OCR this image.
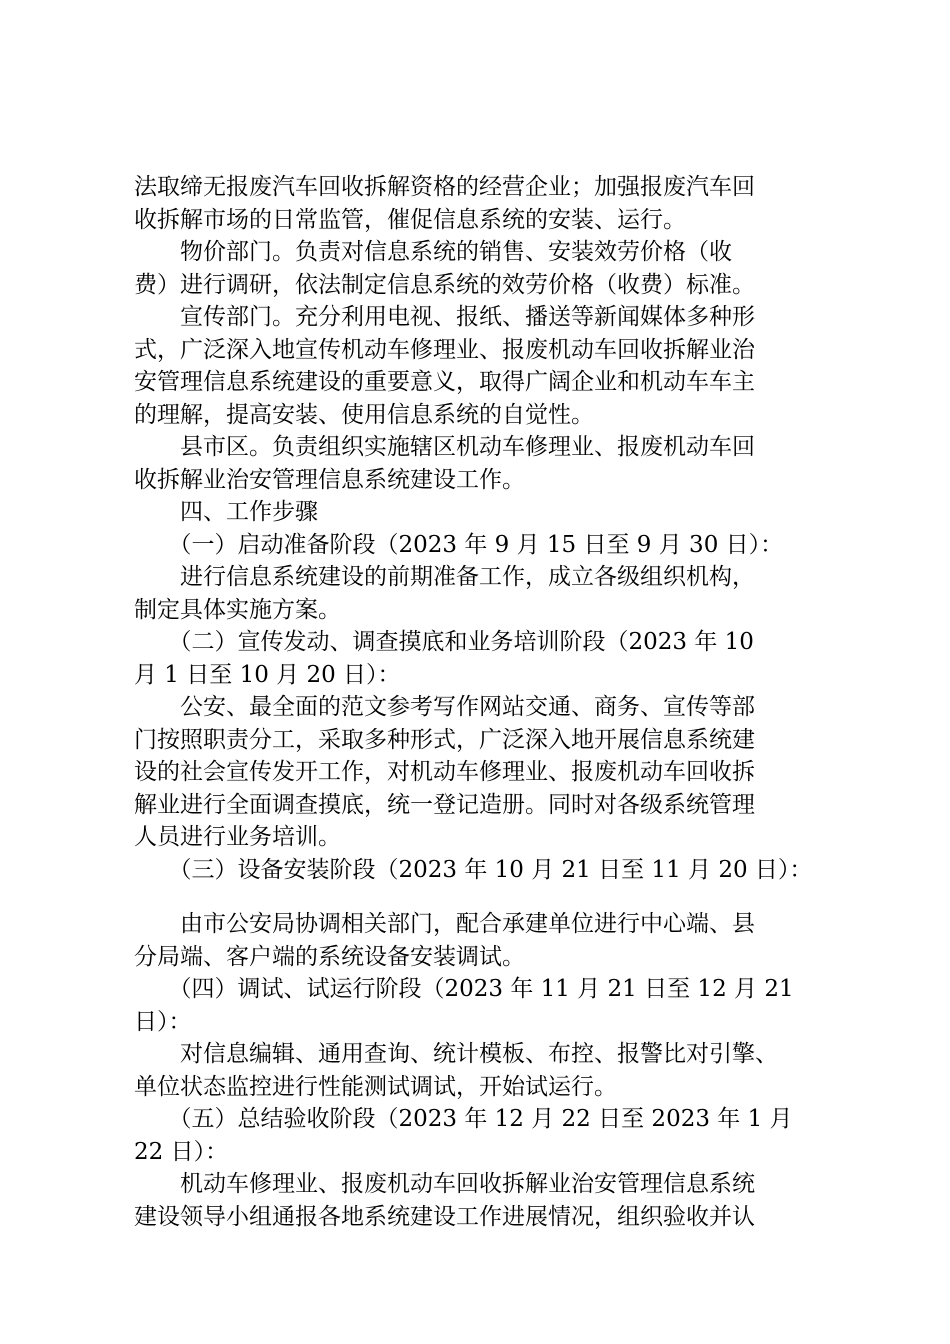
法取缔无报废汽车回收拆解资格的经营企业；加强报废汽车回
收拆解市场的日常监管，催促信息系统的安装、运行。
　　物价部门。负责对信息系统的销售、安装效劳价格（收
费）进行调研，依法制定信息系统的效劳价格（收费）标准。
　　宣传部门。充分利用电视、报纸、播送等新闻媒体多种形
式，广泛深入地宣传机动车修理业、报废机动车回收拆解业治
安管理信息系统建设的重要意义，取得广阔企业和机动车车主
的理解，提高安装、使用信息系统的自觉性。
　　县市区。负责组织实施辖区机动车修理业、报废机动车回
收拆解业治安管理信息系统建设工作。
　　四、工作步骤
　　（一）启动准备阶段（2023 年 9 月 15 日至 9 月 30 日）：
　　进行信息系统建设的前期准备工作，成立各级组织机构，
制定具体实施方案。
　　（二）宣传发动、调查摸底和业务培训阶段（2023 年 10
月 1 日至 10 月 20 日）：
　　公安、最全面的范文参考写作网站交通、商务、宣传等部
门按照职责分工，采取多种形式，广泛深入地开展信息系统建
设的社会宣传发开工作，对机动车修理业、报废机动车回收拆
解业进行全面调查摸底，统一登记造册。同时对各级系统管理
人员进行业务培训。
　　（三）设备安装阶段（2023 年 10 月 21 日至 11 月 20 日）：
　　由市公安局协调相关部门，配合承建单位进行中心端、县
分局端、客户端的系统设备安装调试。
　　（四）调试、试运行阶段（2023 年 11 月 21 日至 12 月 21
日）：
　　对信息编辑、通用查询、统计模板、布控、报警比对引擎、
单位状态监控进行性能测试调试，开始试运行。
　　（五）总结验收阶段（2023 年 12 月 22 日至 2023 年 1 月
22 日）：
　　机动车修理业、报废机动车回收拆解业治安管理信息系统
建设领导小组通报各地系统建设工作进展情况，组织验收并认
